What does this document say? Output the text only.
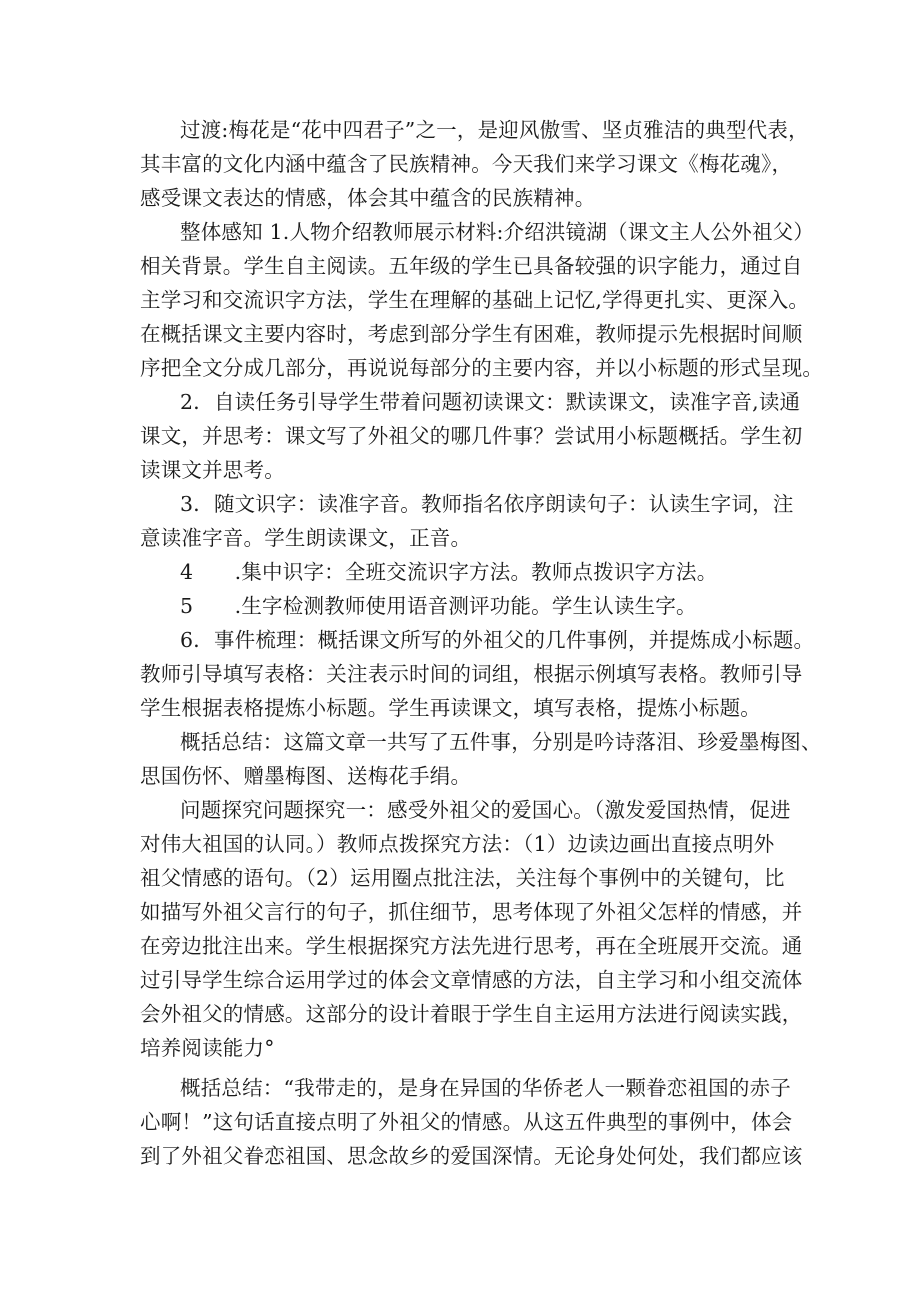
过渡:梅花是“花中四君子”之一，是迎风傲雪、坚贞雅洁的典型代表，
其丰富的文化内涵中蕴含了民族精神。今天我们来学习课文《梅花魂》，
感受课文表达的情感，体会其中蕴含的民族精神。
整体感知 1.人物介绍教师展示材料:介绍洪镜湖（课文主人公外祖父）
相关背景。学生自主阅读。五年级的学生已具备较强的识字能力，通过自
主学习和交流识字方法，学生在理解的基础上记忆,学得更扎实、更深入。
在概括课文主要内容时，考虑到部分学生有困难，教师提示先根据时间顺
序把全文分成几部分，再说说每部分的主要内容，并以小标题的形式呈现。
2．自读任务引导学生带着问题初读课文：默读课文，读准字音,读通
课文，并思考：课文写了外祖父的哪几件事？尝试用小标题概括。学生初
读课文并思考。
3．随文识字：读准字音。教师指名依序朗读句子：认读生字词，注
意读准字音。学生朗读课文，正音。
4　　.集中识字：全班交流识字方法。教师点拨识字方法。
5　　.生字检测教师使用语音测评功能。学生认读生字。
6．事件梳理：概括课文所写的外祖父的几件事例，并提炼成小标题。
教师引导填写表格：关注表示时间的词组，根据示例填写表格。教师引导
学生根据表格提炼小标题。学生再读课文，填写表格，提炼小标题。
概括总结：这篇文章一共写了五件事，分别是吟诗落泪、珍爱墨梅图、
思国伤怀、赠墨梅图、送梅花手绢。
问题探究问题探究一：感受外祖父的爱国心。（激发爱国热情，促进
对伟大祖国的认同。）教师点拨探究方法：（1）边读边画出直接点明外
祖父情感的语句。（2）运用圈点批注法，关注每个事例中的关键句，比
如描写外祖父言行的句子，抓住细节，思考体现了外祖父怎样的情感，并
在旁边批注出来。学生根据探究方法先进行思考，再在全班展开交流。通
过引导学生综合运用学过的体会文章情感的方法，自主学习和小组交流体
会外祖父的情感。这部分的设计着眼于学生自主运用方法进行阅读实践，
培养阅读能力°
概括总结：“我带走的，是身在异国的华侨老人一颗眷恋祖国的赤子
心啊！”这句话直接点明了外祖父的情感。从这五件典型的事例中，体会
到了外祖父眷恋祖国、思念故乡的爱国深情。无论身处何处，我们都应该
